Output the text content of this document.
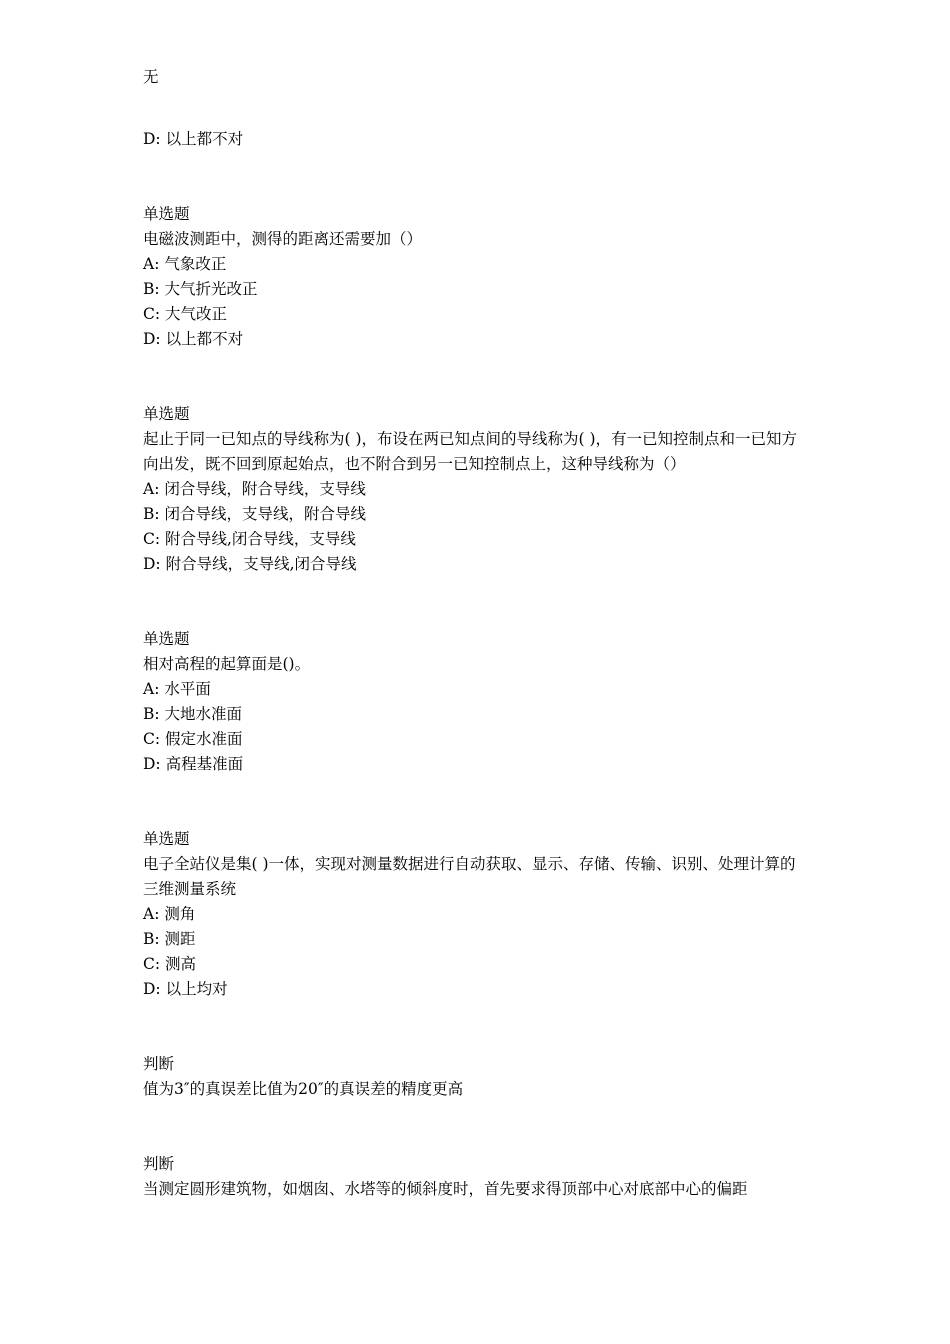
无
D: 以上都不对
单选题
电磁波测距中，测得的距离还需要加（）
A: 气象改正
B: 大气折光改正
C: 大气改正
D: 以上都不对
单选题
起止于同一已知点的导线称为( )，布设在两已知点间的导线称为( )，有一已知控制点和一已知方向出发，既不回到原起始点，也不附合到另一已知控制点上，这种导线称为（）
A: 闭合导线，附合导线，支导线
B: 闭合导线，支导线，附合导线
C: 附合导线,闭合导线，支导线
D: 附合导线，支导线,闭合导线
单选题
相对高程的起算面是()。
A: 水平面
B: 大地水准面
C: 假定水准面
D: 高程基准面
单选题
电子全站仪是集( )一体，实现对测量数据进行自动获取、显示、存储、传输、识别、处理计算的三维测量系统
A: 测角
B: 测距
C: 测高
D: 以上均对
判断
值为3″的真误差比值为20″的真误差的精度更高
判断
当测定圆形建筑物，如烟囱、水塔等的倾斜度时，首先要求得顶部中心对底部中心的偏距
